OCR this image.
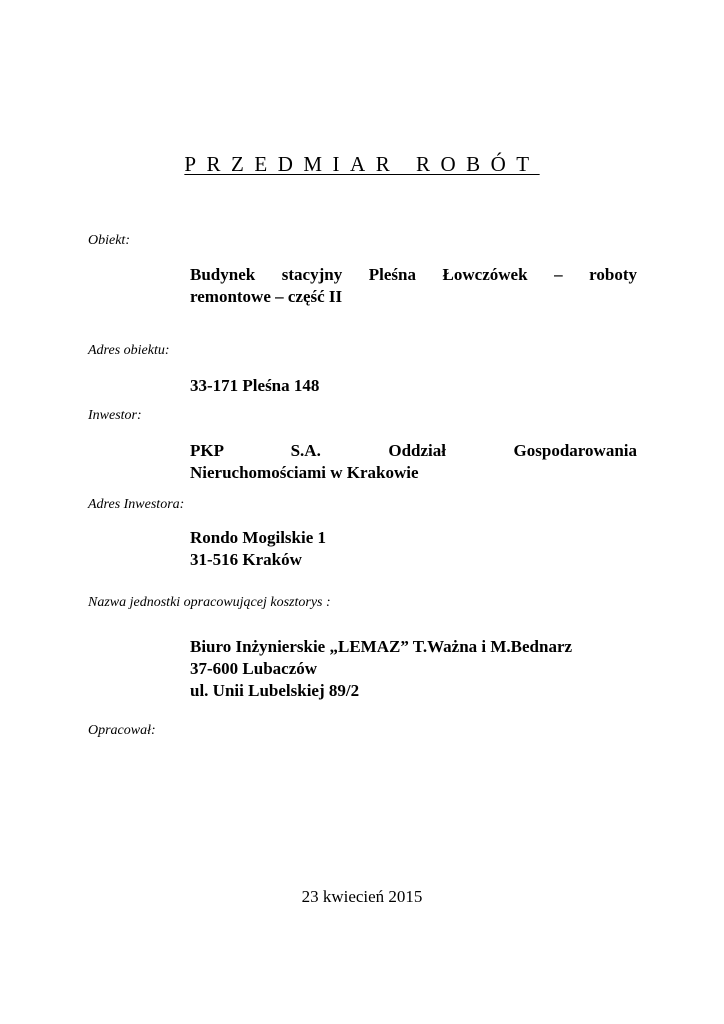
PRZEDMIAR ROBÓT
Obiekt:
Budynek stacyjny Pleśna Łowczówek – roboty
remontowe – część II
Adres obiektu:
33-171 Pleśna 148
Inwestor:
PKP S.A. Oddział Gospodarowania
Nieruchomościami w Krakowie
Adres Inwestora:
Rondo Mogilskie 1
31-516 Kraków
Nazwa jednostki opracowującej kosztorys :
Biuro Inżynierskie „LEMAZ” T.Ważna i M.Bednarz
37-600 Lubaczów
ul. Unii Lubelskiej 89/2
Opracował:
23 kwiecień 2015
